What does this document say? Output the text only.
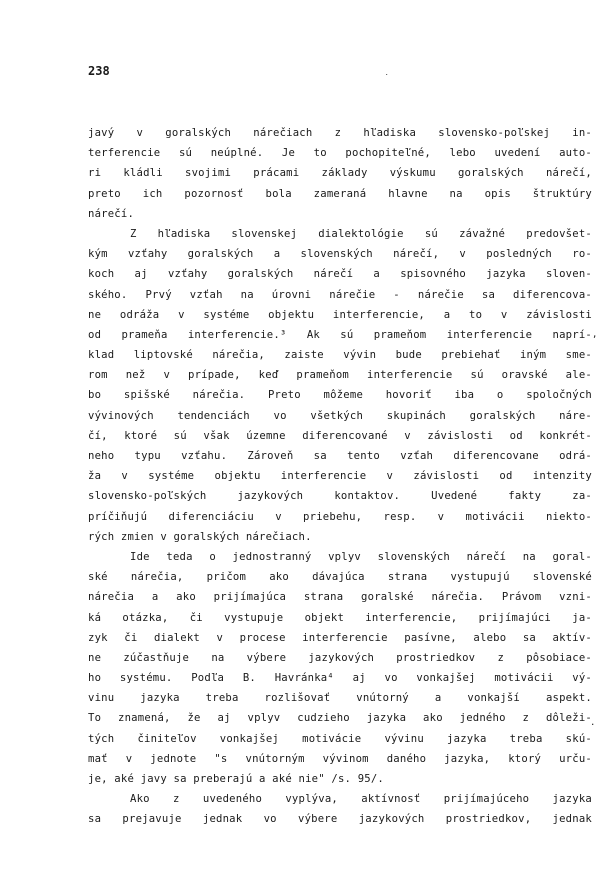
238
˙
,
.
javý v goralských nárečiach z hľadiska slovensko-poľskej in-
terferencie sú neúplné. Je to pochopiteľné, lebo uvedení auto-
ri kládli svojimi prácami základy výskumu goralských nárečí,
preto ich pozornosť bola zameraná hlavne na opis štruktúry
nárečí.
Z hľadiska slovenskej dialektológie sú závažné predovšet-
kým vzťahy goralských a slovenských nárečí, v posledných ro-
koch aj vzťahy goralských nárečí a spisovného jazyka sloven-
ského. Prvý vzťah na úrovni nárečie - nárečie sa diferencova-
ne odráža v systéme objektu interferencie, a to v závislosti
od prameňa interferencie.³ Ak sú prameňom interferencie naprí-
klad liptovské nárečia, zaiste vývin bude prebiehať iným sme-
rom než v prípade, keď prameňom interferencie sú oravské ale-
bo spišské nárečia. Preto môžeme hovoriť iba o spoločných
vývinových tendenciách vo všetkých skupinách goralských náre-
čí, ktoré sú však územne diferencované v závislosti od konkrét-
neho typu vzťahu. Zároveň sa tento vzťah diferencovane odrá-
ža v systéme objektu interferencie v závislosti od intenzity
slovensko-poľských jazykových kontaktov. Uvedené fakty za-
príčiňujú diferenciáciu v priebehu, resp. v motivácii niekto-
rých zmien v goralských nárečiach.
Ide teda o jednostranný vplyv slovenských nárečí na goral-
ské nárečia, pričom ako dávajúca strana vystupujú slovenské
nárečia a ako prijímajúca strana goralské nárečia. Právom vzni-
ká otázka, či vystupuje objekt interferencie, prijímajúci ja-
zyk či dialekt v procese interferencie pasívne, alebo sa aktív-
ne zúčastňuje na výbere jazykových prostriedkov z pôsobiace-
ho systému. Podľa B. Havránka⁴ aj vo vonkajšej motivácii vý-
vinu jazyka treba rozlišovať vnútorný a vonkajší aspekt.
To znamená, že aj vplyv cudzieho jazyka ako jedného z dôleži-
tých činiteľov vonkajšej motivácie vývinu jazyka treba skú-
mať v jednote "s vnútorným vývinom daného jazyka, ktorý urču-
je, aké javy sa preberajú a aké nie" /s. 95/.
Ako z uvedeného vyplýva, aktívnosť prijímajúceho jazyka
sa prejavuje jednak vo výbere jazykových prostriedkov, jednak
